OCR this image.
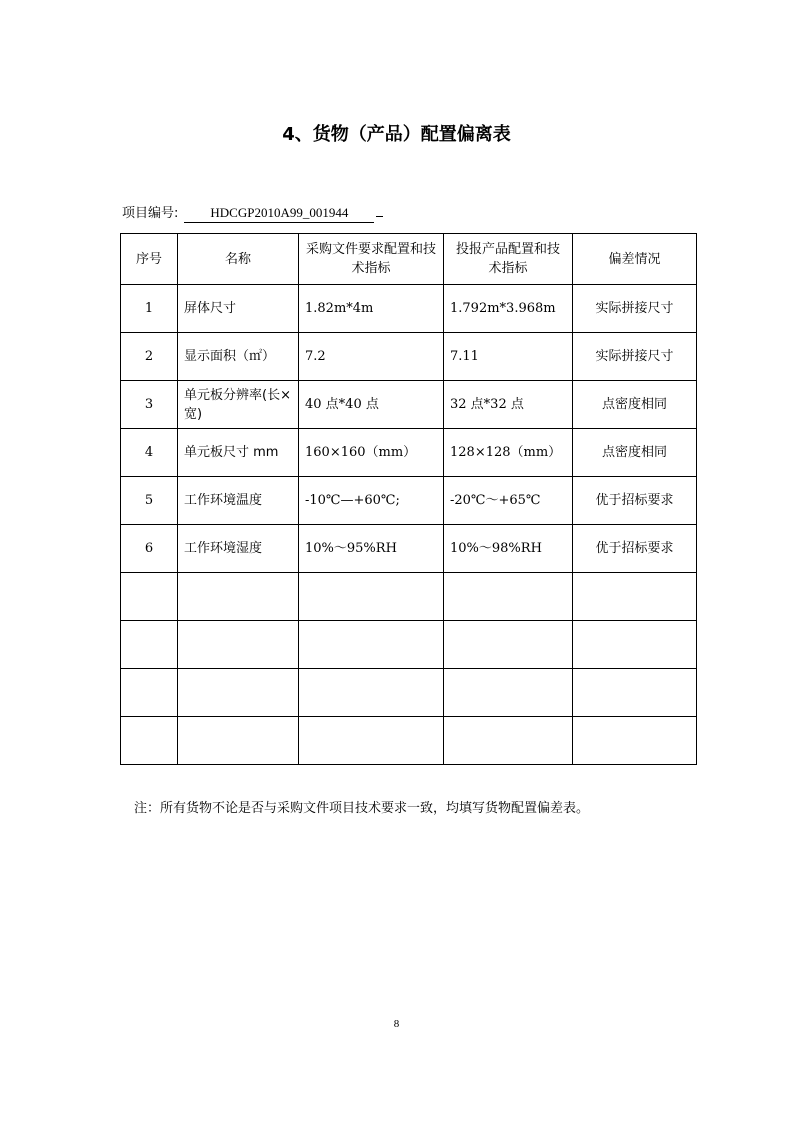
4、货物（产品）配置偏离表
项目编号: HDCGP2010A99_001944
序号	名称	采购文件要求配置和技术指标	投报产品配置和技术指标	偏差情况
1	屏体尺寸	1.82m*4m	1.792m*3.968m	实际拼接尺寸
2	显示面积（㎡）	7.2	7.11	实际拼接尺寸
3	单元板分辨率(长×宽)	40 点*40 点	32 点*32 点	点密度相同
4	单元板尺寸 mm	160×160（mm）	128×128（mm）	点密度相同
5	工作环境温度	-10℃—+60℃;	-20℃～+65℃	优于招标要求
6	工作环境湿度	10%～95%RH	10%～98%RH	优于招标要求

注：所有货物不论是否与采购文件项目技术要求一致，均填写货物配置偏差表。
8
